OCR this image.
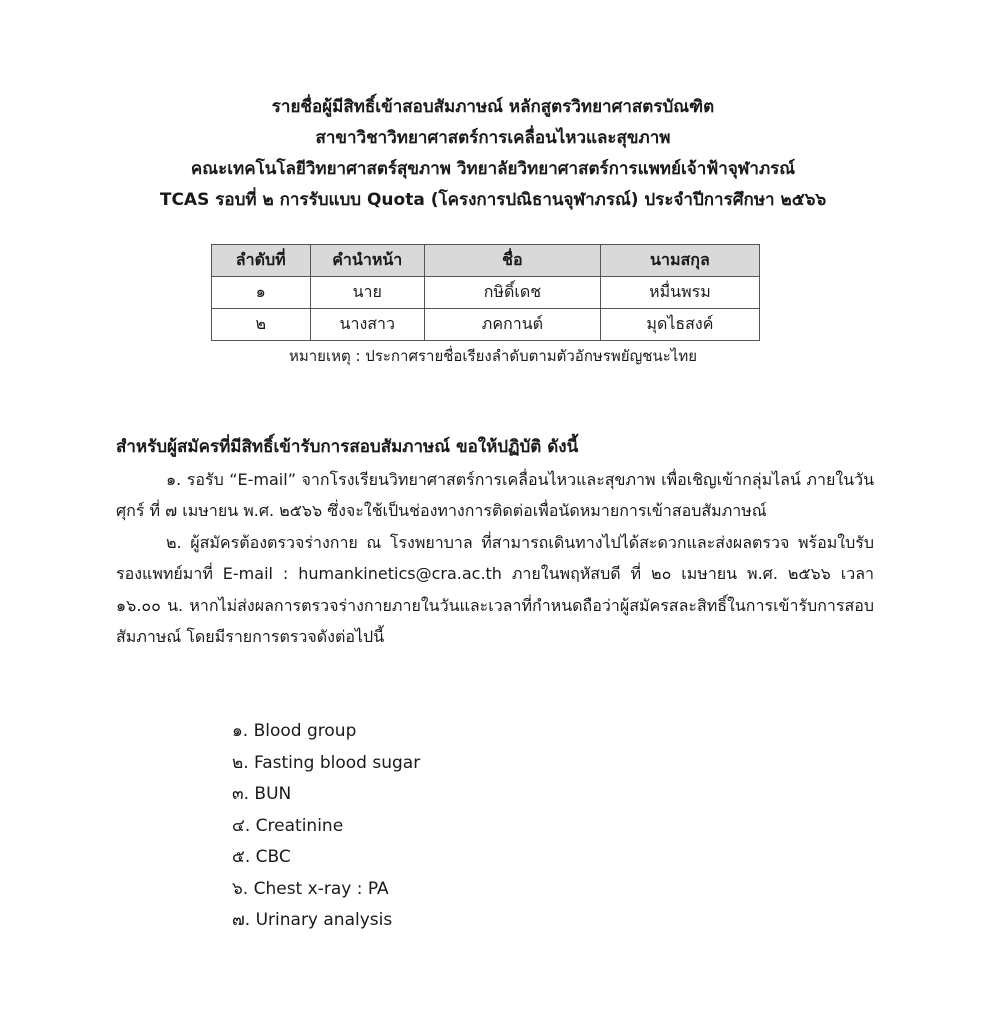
รายชื่อผู้มีสิทธิ์เข้าสอบสัมภาษณ์ หลักสูตรวิทยาศาสตรบัณฑิต
สาขาวิชาวิทยาศาสตร์การเคลื่อนไหวและสุขภาพ
คณะเทคโนโลยีวิทยาศาสตร์สุขภาพ วิทยาลัยวิทยาศาสตร์การแพทย์เจ้าฟ้าจุฬาภรณ์
TCAS รอบที่ ๒ การรับแบบ Quota (โครงการปณิธานจุฬาภรณ์) ประจำปีการศึกษา ๒๕๖๖
ลำดับที่	คำนำหน้า	ชื่อ	นามสกุล
๑	นาย	กษิดิ์เดช	หมื่นพรม
๒	นางสาว	ภคกานต์	มุดไธสงค์
หมายเหตุ : ประกาศรายชื่อเรียงลำดับตามตัวอักษรพยัญชนะไทย
สำหรับผู้สมัครที่มีสิทธิ์เข้ารับการสอบสัมภาษณ์ ขอให้ปฏิบัติ ดังนี้

๑. รอรับ “E-mail” จากโรงเรียนวิทยาศาสตร์การเคลื่อนไหวและสุขภาพ เพื่อเชิญเข้ากลุ่มไลน์ ภายในวันศุกร์ ที่ ๗ เมษายน พ.ศ. ๒๕๖๖ ซึ่งจะใช้เป็นช่องทางการติดต่อเพื่อนัดหมายการเข้าสอบสัมภาษณ์

๒. ผู้สมัครต้องตรวจร่างกาย ณ โรงพยาบาล ที่สามารถเดินทางไปได้สะดวกและส่งผลตรวจ พร้อมใบรับรองแพทย์มาที่ E-mail : humankinetics@cra.ac.th ภายในพฤหัสบดี ที่ ๒๐ เมษายน พ.ศ. ๒๕๖๖ เวลา ๑๖.๐๐ น. หากไม่ส่งผลการตรวจร่างกายภายในวันและเวลาที่กำหนดถือว่าผู้สมัครสละสิทธิ์ในการเข้ารับการสอบสัมภาษณ์ โดยมีรายการตรวจดังต่อไปนี้

๑. Blood group
๒. Fasting blood sugar
๓. BUN
๔. Creatinine
๕. CBC
๖. Chest x-ray : PA
๗. Urinary analysis
